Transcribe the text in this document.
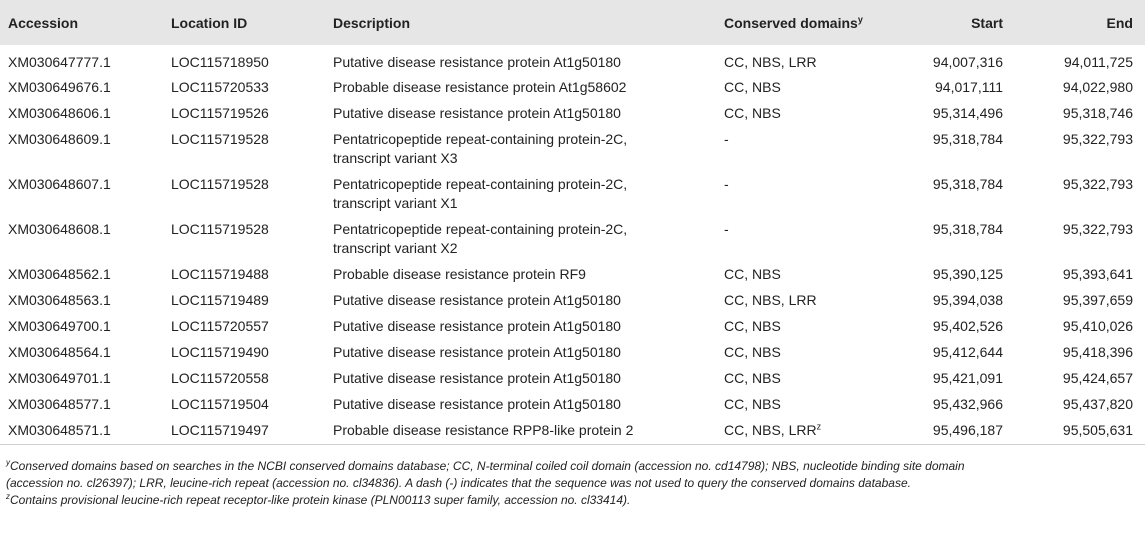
Accession	Location ID	Description	Conserved domains$^y$	Start	End
XM030647777.1	LOC115718950	Putative disease resistance protein At1g50180	CC, NBS, LRR	94,007,316	94,011,725
XM030649676.1	LOC115720533	Probable disease resistance protein At1g58602	CC, NBS	94,017,111	94,022,980
XM030648606.1	LOC115719526	Putative disease resistance protein At1g50180	CC, NBS	95,314,496	95,318,746
XM030648609.1	LOC115719528	Pentatricopeptide repeat-containing protein-2C,
transcript variant X3	-	95,318,784	95,322,793
XM030648607.1	LOC115719528	Pentatricopeptide repeat-containing protein-2C,
transcript variant X1	-	95,318,784	95,322,793
XM030648608.1	LOC115719528	Pentatricopeptide repeat-containing protein-2C,
transcript variant X2	-	95,318,784	95,322,793
XM030648562.1	LOC115719488	Probable disease resistance protein RF9	CC, NBS	95,390,125	95,393,641
XM030648563.1	LOC115719489	Putative disease resistance protein At1g50180	CC, NBS, LRR	95,394,038	95,397,659
XM030649700.1	LOC115720557	Putative disease resistance protein At1g50180	CC, NBS	95,402,526	95,410,026
XM030648564.1	LOC115719490	Putative disease resistance protein At1g50180	CC, NBS	95,412,644	95,418,396
XM030649701.1	LOC115720558	Putative disease resistance protein At1g50180	CC, NBS	95,421,091	95,424,657
XM030648577.1	LOC115719504	Putative disease resistance protein At1g50180	CC, NBS	95,432,966	95,437,820
XM030648571.1	LOC115719497	Probable disease resistance RPP8-like protein 2	CC, NBS, LRR$^z$	95,496,187	95,505,631

$^y$Conserved domains based on searches in the NCBI conserved domains database; CC, N-terminal coiled coil domain (accession no. cd14798); NBS, nucleotide binding site domain

(accession no. cl26397); LRR, leucine-rich repeat (accession no. cl34836). A dash (-) indicates that the sequence was not used to query the conserved domains database.

$^z$Contains provisional leucine-rich repeat receptor-like protein kinase (PLN00113 super family, accession no. cl33414).
